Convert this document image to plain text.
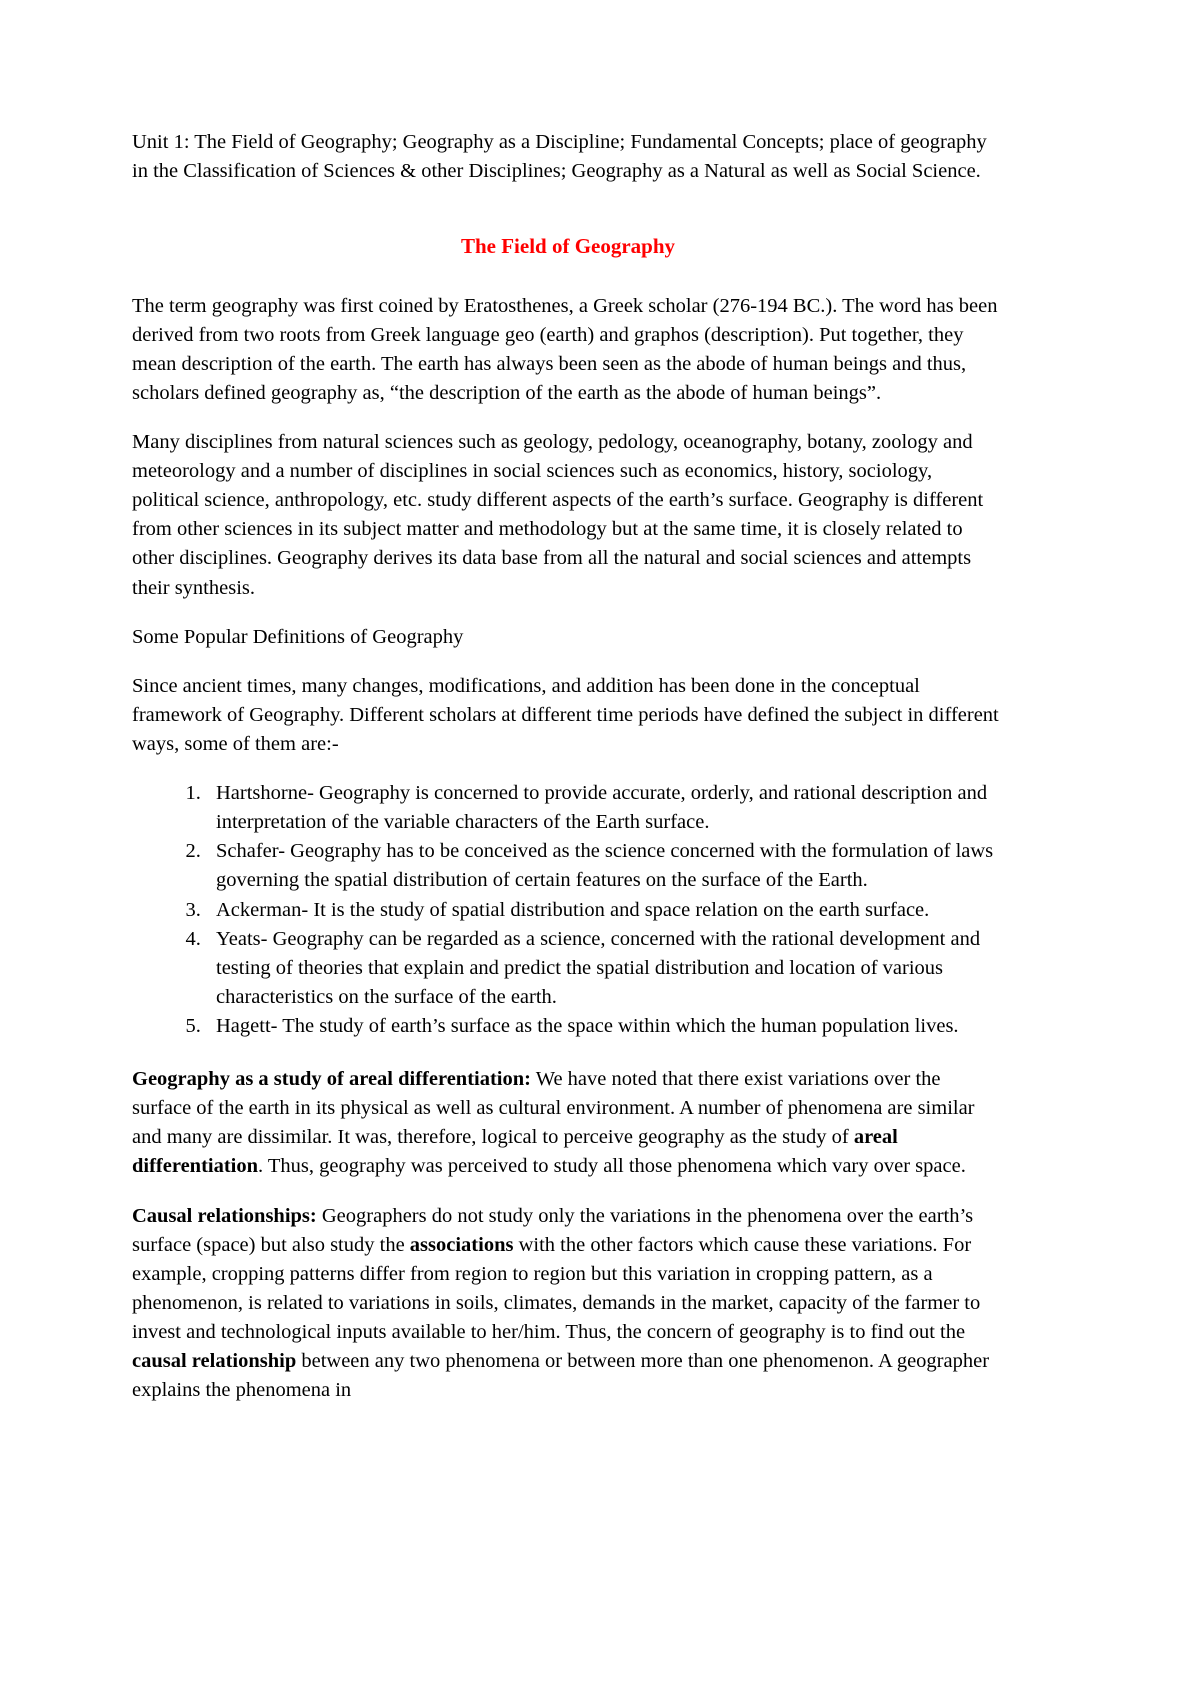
Unit 1: The Field of Geography; Geography as a Discipline; Fundamental Concepts; place of geography in the Classification of Sciences & other Disciplines; Geography as a Natural as well as Social Science.

The Field of Geography

The term geography was first coined by Eratosthenes, a Greek scholar (276-194 BC.). The word has been derived from two roots from Greek language geo (earth) and graphos (description). Put together, they mean description of the earth. The earth has always been seen as the abode of human beings and thus, scholars defined geography as, “the description of the earth as the abode of human beings”.

Many disciplines from natural sciences such as geology, pedology, oceanography, botany, zoology and meteorology and a number of disciplines in social sciences such as economics, history, sociology, political science, anthropology, etc. study different aspects of the earth’s surface. Geography is different from other sciences in its subject matter and methodology but at the same time, it is closely related to other disciplines. Geography derives its data base from all the natural and social sciences and attempts their synthesis.

Some Popular Definitions of Geography

Since ancient times, many changes, modifications, and addition has been done in the conceptual framework of Geography. Different scholars at different time periods have defined the subject in different ways, some of them are:-

1. Hartshorne- Geography is concerned to provide accurate, orderly, and rational description and interpretation of the variable characters of the Earth surface.
2. Schafer- Geography has to be conceived as the science concerned with the formulation of laws governing the spatial distribution of certain features on the surface of the Earth.
3. Ackerman- It is the study of spatial distribution and space relation on the earth surface.
4. Yeats- Geography can be regarded as a science, concerned with the rational development and testing of theories that explain and predict the spatial distribution and location of various characteristics on the surface of the earth.
5. Hagett- The study of earth’s surface as the space within which the human population lives.

Geography as a study of areal differentiation: We have noted that there exist variations over the surface of the earth in its physical as well as cultural environment. A number of phenomena are similar and many are dissimilar. It was, therefore, logical to perceive geography as the study of areal differentiation. Thus, geography was perceived to study all those phenomena which vary over space.

Causal relationships: Geographers do not study only the variations in the phenomena over the earth’s surface (space) but also study the associations with the other factors which cause these variations. For example, cropping patterns differ from region to region but this variation in cropping pattern, as a phenomenon, is related to variations in soils, climates, demands in the market, capacity of the farmer to invest and technological inputs available to her/him. Thus, the concern of geography is to find out the causal relationship between any two phenomena or between more than one phenomenon. A geographer explains the phenomena in
